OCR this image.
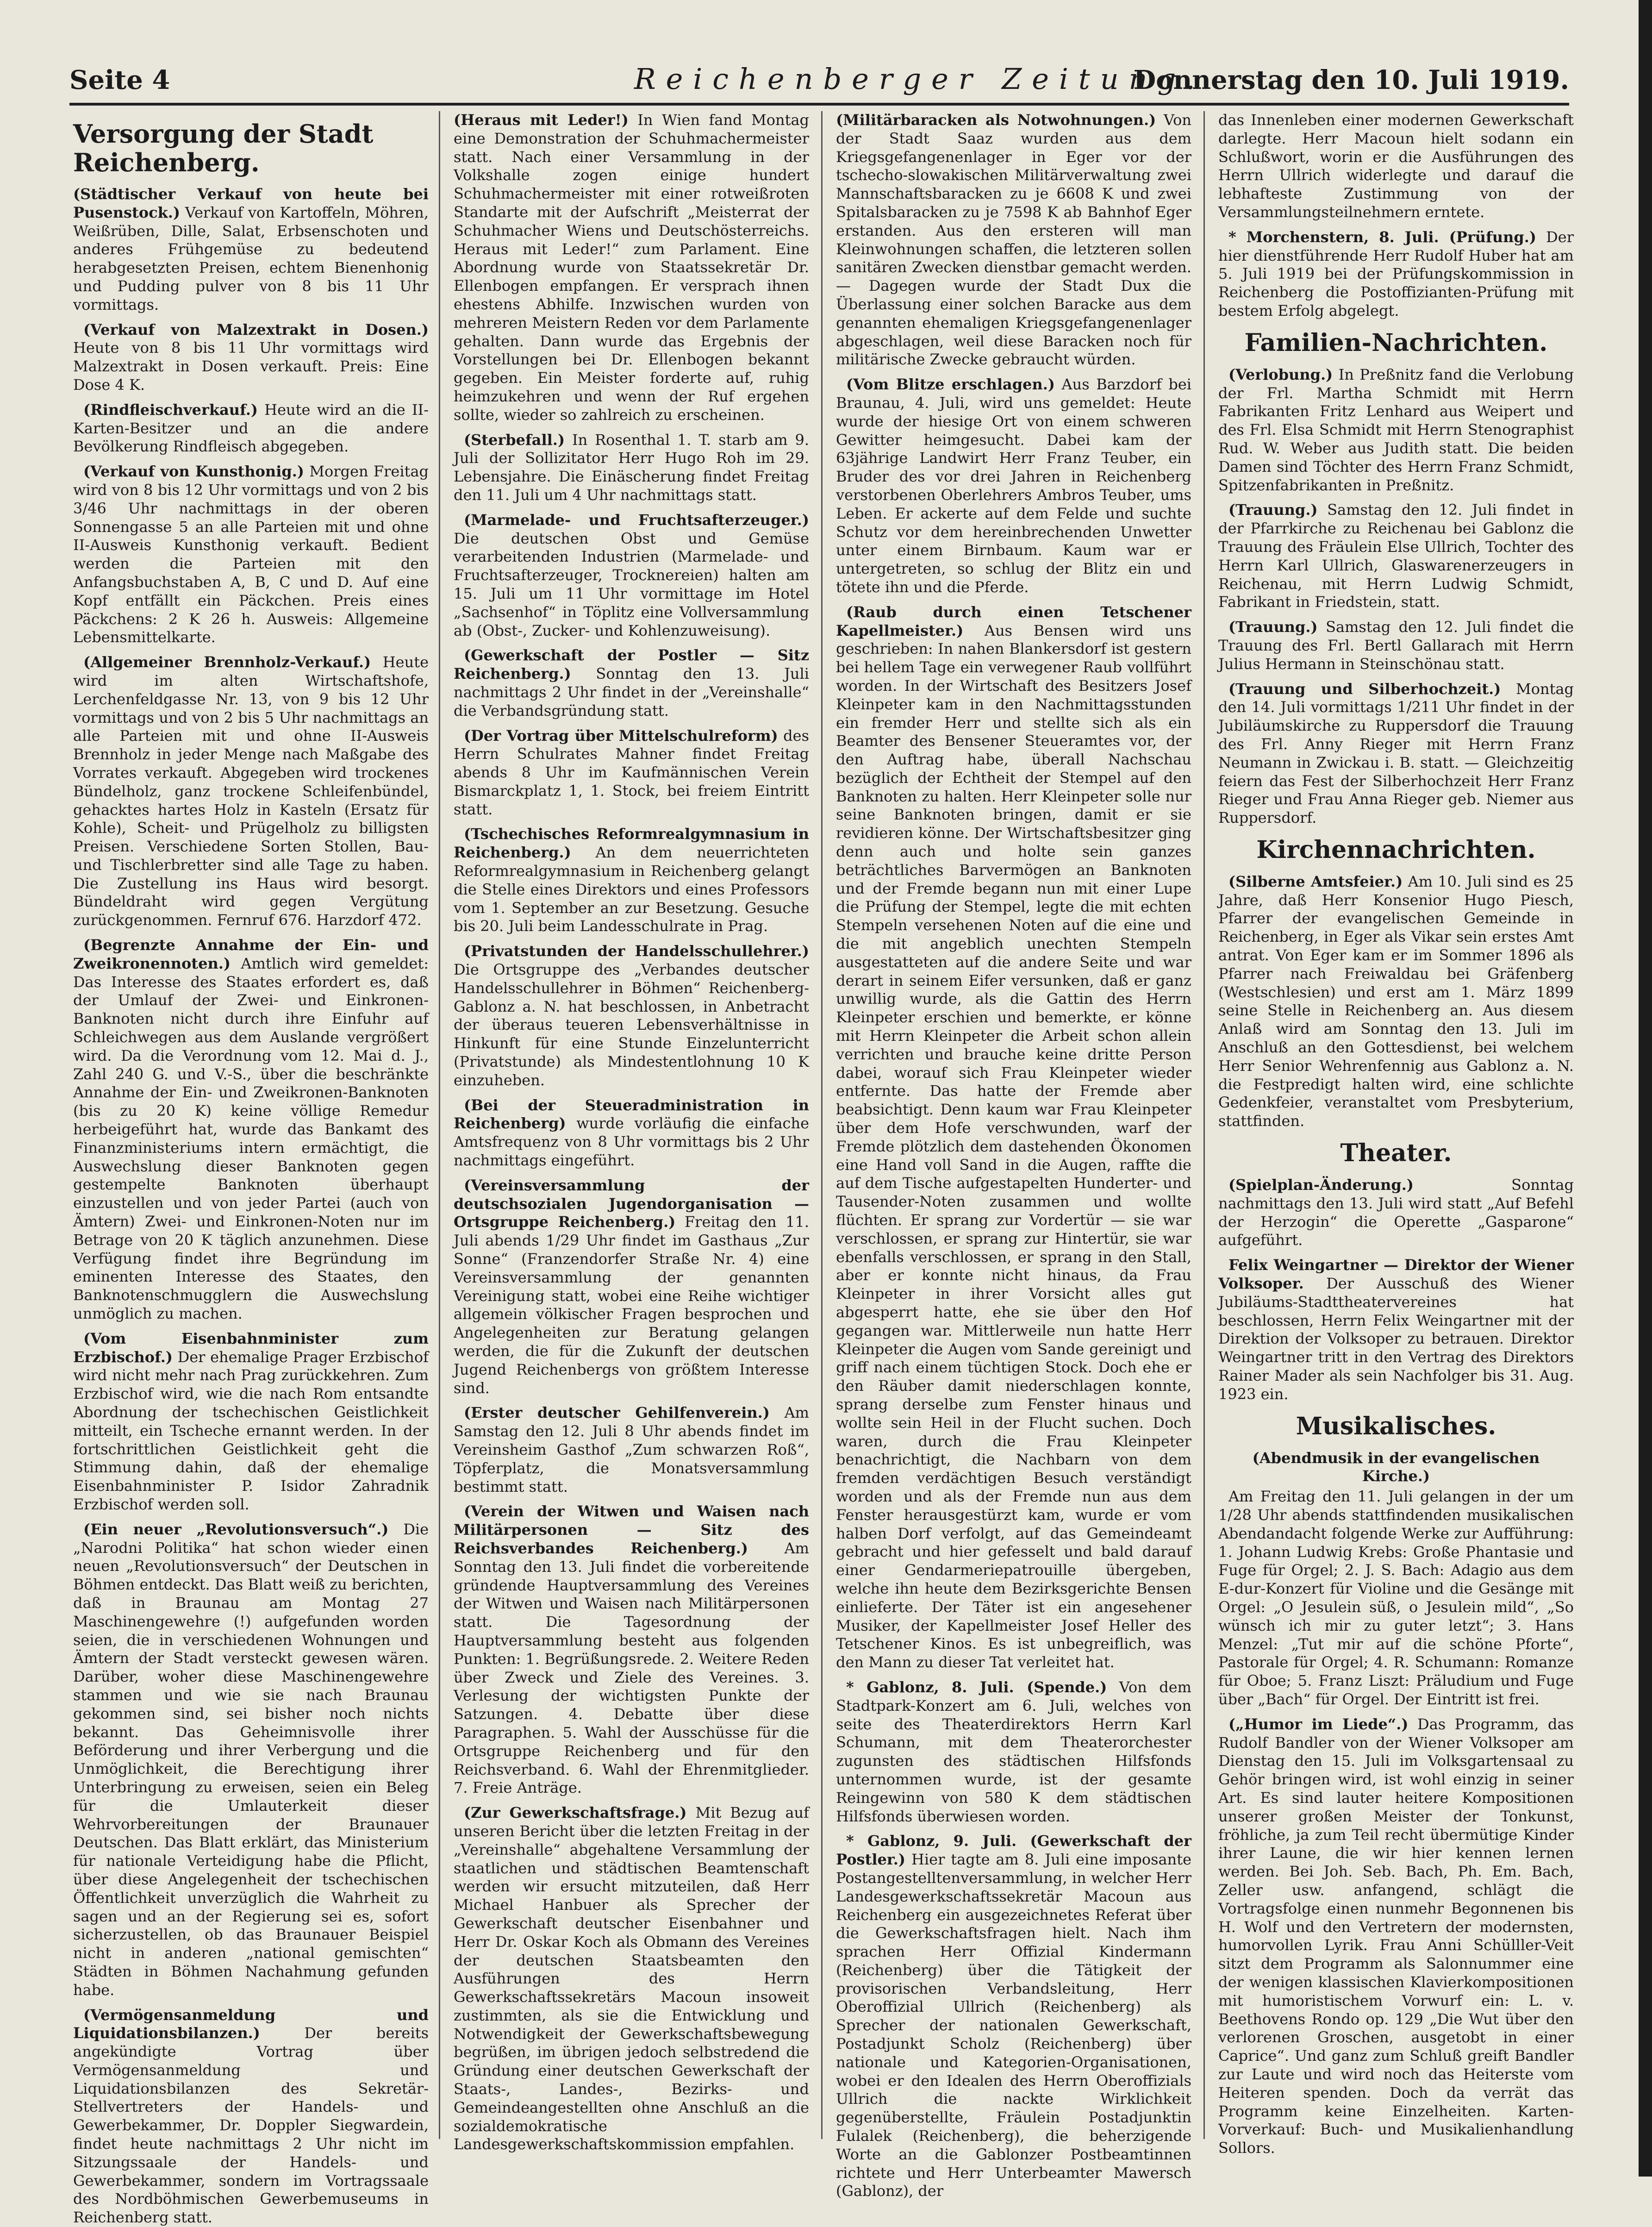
Seite 4	Reichenberger Zeitung.
Donnerstag den 10. Juli 1919.
Versorgung der Stadt Reichenberg.

(Städtischer Verkauf von heute bei Pusenstock.) Verkauf von Kartoffeln, Möhren, Weißrüben, Dille, Salat, Erbsenschoten und anderes Frühgemüse zu bedeutend herabgesetzten Preisen, echtem Bienenhonig und Pudding pulver von 8 bis 11 Uhr vormittags.

(Verkauf von Malzextrakt in Dosen.) Heute von 8 bis 11 Uhr vormittags wird Malzextrakt in Dosen verkauft. Preis: Eine Dose 4 K.

(Rindfleischverkauf.) Heute wird an die II-Karten-Besitzer und an die andere Bevölkerung Rindfleisch abgegeben.

(Verkauf von Kunsthonig.) Morgen Freitag wird von 8 bis 12 Uhr vormittags und von 2 bis 3/46 Uhr nachmittags in der oberen Sonnengasse 5 an alle Parteien mit und ohne II-Ausweis Kunsthonig verkauft. Bedient werden die Parteien mit den Anfangsbuchstaben A, B, C und D. Auf eine Kopf entfällt ein Päckchen. Preis eines Päckchens: 2 K 26 h. Ausweis: Allgemeine Lebensmittelkarte.

(Allgemeiner Brennholz-Verkauf.) Heute wird im alten Wirtschaftshofe, Lerchenfeldgasse Nr. 13, von 9 bis 12 Uhr vormittags und von 2 bis 5 Uhr nachmittags an alle Parteien mit und ohne II-Ausweis Brennholz in jeder Menge nach Maßgabe des Vorrates verkauft. Abgegeben wird trockenes Bündelholz, ganz trockene Schleifenbündel, gehacktes hartes Holz in Kasteln (Ersatz für Kohle), Scheit- und Prügelholz zu billigsten Preisen. Verschiedene Sorten Stollen, Bau- und Tischlerbretter sind alle Tage zu haben. Die Zustellung ins Haus wird besorgt. Bündeldraht wird gegen Vergütung zurückgenommen. Fernruf 676. Harzdorf 472.

(Begrenzte Annahme der Ein- und Zweikronennoten.) Amtlich wird gemeldet: Das Interesse des Staates erfordert es, daß der Umlauf der Zwei- und Einkronen-Banknoten nicht durch ihre Einfuhr auf Schleichwegen aus dem Auslande vergrößert wird. Da die Verordnung vom 12. Mai d. J., Zahl 240 G. und V.-S., über die beschränkte Annahme der Ein- und Zweikronen-Banknoten (bis zu 20 K) keine völlige Remedur herbeigeführt hat, wurde das Bankamt des Finanzministeriums intern ermächtigt, die Auswechslung dieser Banknoten gegen gestempelte Banknoten überhaupt einzustellen und von jeder Partei (auch von Ämtern) Zwei- und Einkronen-Noten nur im Betrage von 20 K täglich anzunehmen. Diese Verfügung findet ihre Begründung im eminenten Interesse des Staates, den Banknotenschmugglern die Auswechslung unmöglich zu machen.

(Vom Eisenbahnminister zum Erzbischof.) Der ehemalige Prager Erzbischof wird nicht mehr nach Prag zurückkehren. Zum Erzbischof wird, wie die nach Rom entsandte Abordnung der tschechischen Geistlichkeit mitteilt, ein Tscheche ernannt werden. In der fortschrittlichen Geistlichkeit geht die Stimmung dahin, daß der ehemalige Eisenbahnminister P. Isidor Zahradnik Erzbischof werden soll.

(Ein neuer „Revolutionsversuch“.) Die „Narodni Politika“ hat schon wieder einen neuen „Revolutionsversuch“ der Deutschen in Böhmen entdeckt. Das Blatt weiß zu berichten, daß in Braunau am Montag 27 Maschinengewehre (!) aufgefunden worden seien, die in verschiedenen Wohnungen und Ämtern der Stadt versteckt gewesen wären. Darüber, woher diese Maschinengewehre stammen und wie sie nach Braunau gekommen sind, sei bisher noch nichts bekannt. Das Geheimnisvolle ihrer Beförderung und ihrer Verbergung und die Unmöglichkeit, die Berechtigung ihrer Unterbringung zu erweisen, seien ein Beleg für die Umlauterkeit dieser Wehrvorbereitungen der Braunauer Deutschen. Das Blatt erklärt, das Ministerium für nationale Verteidigung habe die Pflicht, über diese Angelegenheit der tschechischen Öffentlichkeit unverzüglich die Wahrheit zu sagen und an der Regierung sei es, sofort sicherzustellen, ob das Braunauer Beispiel nicht in anderen „national gemischten“ Städten in Böhmen Nachahmung gefunden habe.

(Vermögensanmeldung und Liquidationsbilanzen.)	Der bereits angekündigte Vortrag über Vermögensanmeldung und Liquidationsbilanzen des Sekretär-Stellvertreters der Handels- und Gewerbekammer, Dr. Doppler Siegwardein, findet heute nachmittags 2 Uhr nicht im Sitzungssaale der Handels- und Gewerbekammer, sondern im Vortragssaale des Nordböhmischen Gewerbemuseums in Reichenberg statt.

(Heraus mit Leder!) In Wien fand Montag eine Demonstration der Schuhmachermeister statt. Nach einer Versammlung in der Volkshalle zogen einige hundert Schuhmachermeister mit einer rotweißroten Standarte mit der Aufschrift „Meisterrat der Schuhmacher Wiens und Deutschösterreichs. Heraus mit Leder!“ zum Parlament. Eine Abordnung wurde von Staatssekretär Dr. Ellenbogen empfangen. Er versprach ihnen ehestens Abhilfe. Inzwischen wurden von mehreren Meistern Reden vor dem Parlamente gehalten. Dann wurde das Ergebnis der Vorstellungen bei Dr. Ellenbogen bekannt gegeben. Ein Meister forderte auf, ruhig heimzukehren und wenn der Ruf ergehen sollte, wieder so zahlreich zu erscheinen.

(Sterbefall.) In Rosenthal 1. T. starb am 9. Juli der Sollizitator Herr Hugo Roh im 29. Lebensjahre. Die Einäscherung findet Freitag den 11. Juli um 4 Uhr nachmittags statt.

(Marmelade- und Fruchtsafterzeuger.) Die deutschen Obst und Gemüse verarbeitenden Industrien (Marmelade- und Fruchtsafterzeuger, Trocknereien) halten am 15. Juli um 11 Uhr vormittage im Hotel „Sachsenhof“ in Töplitz eine Vollversammlung ab (Obst-, Zucker- und Kohlenzuweisung).

(Gewerkschaft der Postler — Sitz Reichenberg.) Sonntag den 13. Juli nachmittags 2 Uhr findet in der „Vereinshalle“ die Verbandsgründung statt.

(Der Vortrag über Mittelschulreform) des Herrn Schulrates Mahner findet Freitag abends 8 Uhr im Kaufmännischen Verein Bismarckplatz 1, 1. Stock, bei freiem Eintritt statt.

(Tschechisches Reformrealgymnasium in Reichenberg.) An dem neuerrichteten Reformrealgymnasium in Reichenberg gelangt die Stelle eines Direktors und eines Professors vom 1. September an zur Besetzung. Gesuche bis 20. Juli beim Landesschulrate in Prag.

(Privatstunden der Handelsschullehrer.) Die Ortsgruppe des „Verbandes deutscher Handelsschullehrer in Böhmen“ Reichenberg-Gablonz a. N. hat beschlossen, in Anbetracht der überaus teueren Lebensverhältnisse in Hinkunft für eine Stunde Einzelunterricht (Privatstunde) als Mindestentlohnung 10 K einzuheben.

(Bei der Steueradministration in Reichenberg) wurde vorläufig die einfache Amtsfrequenz von 8 Uhr vormittags bis 2 Uhr nachmittags eingeführt.

(Vereinsversammlung der deutschsozialen Jugendorganisation — Ortsgruppe Reichenberg.) Freitag den 11. Juli abends 1/29 Uhr findet im Gasthaus „Zur Sonne“ (Franzendorfer Straße Nr. 4) eine Vereinsversammlung der genannten Vereinigung statt, wobei eine Reihe wichtiger allgemein völkischer Fragen besprochen und Angelegenheiten zur Beratung gelangen werden, die für die Zukunft der deutschen Jugend Reichenbergs von größtem Interesse sind.

(Erster deutscher Gehilfenverein.) Am Samstag den 12. Juli 8 Uhr abends findet im Vereinsheim Gasthof „Zum schwarzen Roß“, Töpferplatz, die Monatsversammlung bestimmt statt.

(Verein der Witwen und Waisen nach Militärpersonen — Sitz des Reichsverbandes Reichenberg.) Am Sonntag den 13. Juli findet die vorbereitende gründende Hauptversammlung des Vereines der Witwen und Waisen nach Militärpersonen statt. Die Tagesordnung der Hauptversammlung besteht aus folgenden Punkten: 1. Begrüßungsrede. 2. Weitere Reden über Zweck und Ziele des Vereines. 3. Verlesung der wichtigsten Punkte der Satzungen. 4. Debatte über diese Paragraphen. 5. Wahl der Ausschüsse für die Ortsgruppe Reichenberg und für den Reichsverband. 6. Wahl der Ehrenmitglieder. 7. Freie Anträge.

(Zur Gewerkschaftsfrage.) Mit Bezug auf unseren Bericht über die letzten Freitag in der „Vereinshalle“ abgehaltene Versammlung der staatlichen und städtischen Beamtenschaft werden wir ersucht mitzuteilen, daß Herr Michael Hanbuer als Sprecher der Gewerkschaft deutscher Eisenbahner und Herr Dr. Oskar Koch als Obmann des Vereines der deutschen Staatsbeamten den Ausführungen des Herrn Gewerkschaftssekretärs Macoun insoweit zustimmten, als sie die Entwicklung und Notwendigkeit der Gewerkschaftsbewegung begrüßen, im übrigen jedoch selbstredend die Gründung einer deutschen Gewerkschaft der Staats-, Landes-, Bezirks- und Gemeindeangestellten ohne Anschluß an die sozialdemokratische Landesgewerkschaftskommission empfahlen.

(Militärbaracken als Notwohnungen.) Von der Stadt Saaz wurden aus dem Kriegsgefangenenlager in Eger vor der tschecho-slowakischen Militärverwaltung zwei Mannschaftsbaracken zu je 6608 K und zwei Spitalsbaracken zu je 7598 K ab Bahnhof Eger erstanden. Aus den ersteren will man Kleinwohnungen schaffen, die letzteren sollen sanitären Zwecken dienstbar gemacht werden. — Dagegen wurde der Stadt Dux die Überlassung einer solchen Baracke aus dem genannten ehemaligen Kriegsgefangenenlager abgeschlagen, weil diese Baracken noch für militärische Zwecke gebraucht würden.

(Vom Blitze erschlagen.) Aus Barzdorf bei Braunau, 4. Juli, wird uns gemeldet: Heute wurde der hiesige Ort von einem schweren Gewitter heimgesucht. Dabei kam der 63jährige Landwirt Herr Franz Teuber, ein Bruder des vor drei Jahren in Reichenberg verstorbenen Oberlehrers Ambros Teuber, ums Leben. Er ackerte auf dem Felde und suchte Schutz vor dem hereinbrechenden Unwetter unter einem Birnbaum. Kaum war er untergetreten, so schlug der Blitz ein und tötete ihn und die Pferde.

(Raub durch einen Tetschener Kapellmeister.) Aus Bensen wird uns geschrieben: In nahen Blankersdorf ist gestern bei hellem Tage ein verwegener Raub vollführt worden. In der Wirtschaft des Besitzers Josef Kleinpeter kam in den Nachmittagsstunden ein fremder Herr und stellte sich als ein Beamter des Bensener Steueramtes vor, der den Auftrag habe, überall Nachschau bezüglich der Echtheit der Stempel auf den Banknoten zu halten. Herr Kleinpeter solle nur seine Banknoten bringen, damit er sie revidieren könne. Der Wirtschaftsbesitzer ging denn auch und holte sein ganzes beträchtliches Barvermögen an Banknoten und der Fremde begann nun mit einer Lupe die Prüfung der Stempel, legte die mit echten Stempeln versehenen Noten auf die eine und die mit angeblich unechten Stempeln ausgestatteten auf die andere Seite und war derart in seinem Eifer versunken, daß er ganz unwillig wurde, als die Gattin des Herrn Kleinpeter erschien und bemerkte, er könne mit Herrn Kleinpeter die Arbeit schon allein verrichten und brauche keine dritte Person dabei, worauf sich Frau Kleinpeter wieder entfernte. Das hatte der Fremde aber beabsichtigt. Denn kaum war Frau Kleinpeter über dem Hofe verschwunden, warf der Fremde plötzlich dem dastehenden Ökonomen eine Hand voll Sand in die Augen, raffte die auf dem Tische aufgestapelten Hunderter- und Tausender-Noten zusammen und wollte flüchten. Er sprang zur Vordertür — sie war verschlossen, er sprang zur Hintertür, sie war ebenfalls verschlossen, er sprang in den Stall, aber er konnte nicht hinaus, da Frau Kleinpeter in ihrer Vorsicht alles gut abgesperrt hatte, ehe sie über den Hof gegangen war. Mittlerweile nun hatte Herr Kleinpeter die Augen vom Sande gereinigt und griff nach einem tüchtigen Stock. Doch ehe er den Räuber damit niederschlagen konnte, sprang derselbe zum Fenster hinaus und wollte sein Heil in der Flucht suchen. Doch waren, durch die Frau Kleinpeter benachrichtigt, die Nachbarn von dem fremden verdächtigen Besuch verständigt worden und als der Fremde nun aus dem Fenster herausgestürzt kam, wurde er vom halben Dorf verfolgt, auf das Gemeindeamt gebracht und hier gefesselt und bald darauf einer Gendarmeriepatrouille übergeben, welche ihn heute dem Bezirksgerichte Bensen einlieferte. Der Täter ist ein angesehener Musiker, der Kapellmeister Josef Heller des Tetschener Kinos. Es ist unbegreiflich, was den Mann zu dieser Tat verleitet hat.

* Gablonz, 8. Juli. (Spende.) Von dem Stadtpark-Konzert am 6. Juli, welches von seite des Theaterdirektors Herrn Karl Schumann, mit dem Theaterorchester zugunsten des städtischen Hilfsfonds unternommen wurde, ist der gesamte Reingewinn von 580 K dem städtischen Hilfsfonds überwiesen worden.

* Gablonz, 9. Juli. (Gewerkschaft der Postler.) Hier tagte am 8. Juli eine imposante Postangestelltenversammlung, in welcher Herr Landesgewerkschaftssekretär Macoun aus Reichenberg ein ausgezeichnetes Referat über die Gewerkschaftsfragen hielt. Nach ihm sprachen Herr Offizial Kindermann (Reichenberg) über die Tätigkeit der provisorischen Verbandsleitung, Herr Oberoffizial Ullrich (Reichenberg) als Sprecher der nationalen Gewerkschaft, Postadjunkt Scholz (Reichenberg) über nationale und Kategorien-Organisationen, wobei er den Idealen des Herrn Oberoffizials Ullrich die nackte Wirklichkeit gegenüberstellte, Fräulein Postadjunktin Fulalek (Reichenberg), die beherzigende Worte an die Gablonzer Postbeamtinnen richtete und Herr Unterbeamter Mawersch (Gablonz), der

das Innenleben einer modernen Gewerkschaft darlegte. Herr Macoun hielt sodann ein Schlußwort, worin er die Ausführungen des Herrn Ullrich widerlegte und darauf die lebhafteste Zustimmung von der Versammlungsteilnehmern erntete.

* Morchenstern, 8. Juli. (Prüfung.) Der hier dienstführende Herr Rudolf Huber hat am 5. Juli 1919 bei der Prüfungskommission in Reichenberg die Postoffizianten-Prüfung mit bestem Erfolg abgelegt.

Familien-Nachrichten.

(Verlobung.) In Preßnitz fand die Verlobung der Frl. Martha Schmidt mit Herrn Fabrikanten Fritz Lenhard aus Weipert und des Frl. Elsa Schmidt mit Herrn Stenographist Rud. W. Weber aus Judith statt. Die beiden Damen sind Töchter des Herrn Franz Schmidt, Spitzenfabrikanten in Preßnitz.

(Trauung.) Samstag den 12. Juli findet in der Pfarrkirche zu Reichenau bei Gablonz die Trauung des Fräulein Else Ullrich, Tochter des Herrn Karl Ullrich, Glaswarenerzeugers in Reichenau, mit Herrn Ludwig Schmidt, Fabrikant in Friedstein, statt.

(Trauung.) Samstag den 12. Juli findet die Trauung des Frl. Bertl Gallarach mit Herrn Julius Hermann in Steinschönau statt.

(Trauung und Silberhochzeit.) Montag den 14. Juli vormittags 1/211 Uhr findet in der Jubiläumskirche zu Ruppersdorf die Trauung des Frl. Anny Rieger mit Herrn Franz Neumann in Zwickau i. B. statt. — Gleichzeitig feiern das Fest der Silberhochzeit Herr Franz Rieger und Frau Anna Rieger geb. Niemer aus Ruppersdorf.

Kirchennachrichten.

(Silberne Amtsfeier.) Am 10. Juli sind es 25 Jahre, daß Herr Konsenior Hugo Piesch, Pfarrer der evangelischen Gemeinde in Reichenberg, in Eger als Vikar sein erstes Amt antrat. Von Eger kam er im Sommer 1896 als Pfarrer nach Freiwaldau bei Gräfenberg (Westschlesien) und erst am 1. März 1899 seine Stelle in Reichenberg an. Aus diesem Anlaß wird am Sonntag den 13. Juli im Anschluß an den Gottesdienst, bei welchem Herr Senior Wehrenfennig aus Gablonz a. N. die Festpredigt halten wird, eine schlichte Gedenkfeier, veranstaltet vom Presbyterium, stattfinden.

Theater.

(Spielplan-Änderung.)	Sonntag nachmittags den 13. Juli wird statt „Auf Befehl der Herzogin“ die Operette „Gasparone“ aufgeführt.

Felix Weingartner — Direktor der Wiener Volksoper. Der Ausschuß des Wiener Jubiläums-Stadttheatervereines hat beschlossen, Herrn Felix Weingartner mit der Direktion der Volksoper zu betrauen. Direktor Weingartner tritt in den Vertrag des Direktors Rainer Mader als sein Nachfolger bis 31. Aug. 1923 ein.

Musikalisches.
(Abendmusik in der evangelischen Kirche.)

Am Freitag den 11. Juli gelangen in der um 1/28 Uhr abends stattfindenden musikalischen Abendandacht folgende Werke zur Aufführung: 1. Johann Ludwig Krebs: Große Phantasie und Fuge für Orgel; 2. J. S. Bach: Adagio aus dem E-dur-Konzert für Violine und die Gesänge mit Orgel: „O Jesulein süß, o Jesulein mild“, „So wünsch ich mir zu guter letzt“; 3. Hans Menzel: „Tut mir auf die schöne Pforte“, Pastorale für Orgel; 4. R. Schumann: Romanze für Oboe; 5. Franz Liszt: Präludium und Fuge über „Bach“ für Orgel. Der Eintritt ist frei.

(„Humor im Liede“.) Das Programm, das Rudolf Bandler von der Wiener Volksoper am Dienstag den 15. Juli im Volksgartensaal zu Gehör bringen wird, ist wohl einzig in seiner Art. Es sind lauter heitere Kompositionen unserer großen Meister der Tonkunst, fröhliche, ja zum Teil recht übermütige Kinder ihrer Laune, die wir hier kennen lernen werden. Bei Joh. Seb. Bach, Ph. Em. Bach, Zeller usw. anfangend, schlägt die Vortragsfolge einen nunmehr Begonnenen bis H. Wolf und den Vertretern der modernsten, humorvollen Lyrik. Frau Anni Schülller-Veit sitzt dem Programm als Salonnummer eine der wenigen klassischen Klavierkompositionen mit humoristischem Vorwurf ein: L. v. Beethovens Rondo op. 129 „Die Wut über den verlorenen Groschen, ausgetobt in einer Caprice“. Und ganz zum Schluß greift Bandler zur Laute und wird noch das Heiterste vom Heiteren spenden. Doch da verrät das Programm keine Einzelheiten. Karten-Vorverkauf: Buch- und Musikalienhandlung Sollors.
